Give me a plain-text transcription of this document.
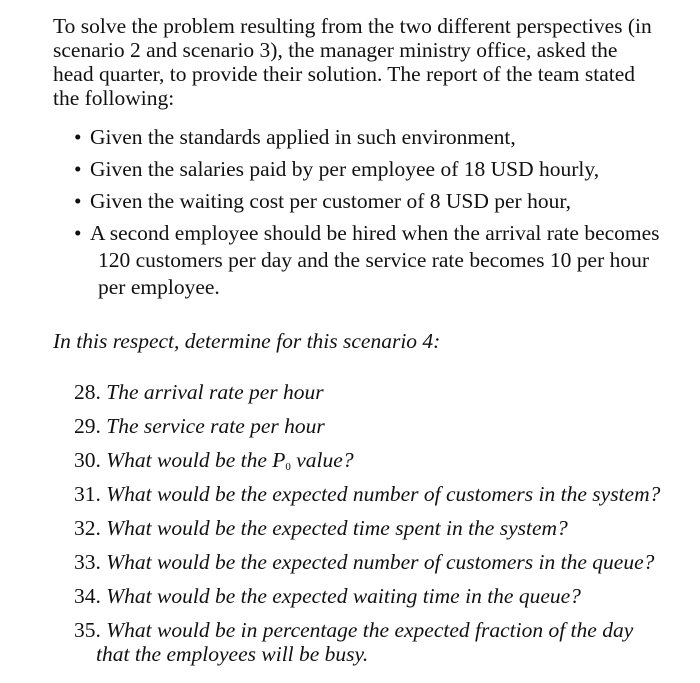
To solve the problem resulting from the two different perspectives (in
scenario 2 and scenario 3), the manager ministry office, asked the
head quarter, to provide their solution. The report of the team stated
the following:

• Given the standards applied in such environment,
• Given the salaries paid by per employee of 18 USD hourly,
• Given the waiting cost per customer of 8 USD per hour,
• A second employee should be hired when the arrival rate becomes

120 customers per day and the service rate becomes 10 per hour
per employee.

In this respect, determine for this scenario 4:

28. The arrival rate per hour
29. The service rate per hour
30. What would be the $P_0$ value?
31. What would be the expected number of customers in the system?
32. What would be the expected time spent in the system?
33. What would be the expected number of customers in the queue?
34. What would be the expected waiting time in the queue?
35. What would be in percentage the expected fraction of the day
that the employees will be busy.
